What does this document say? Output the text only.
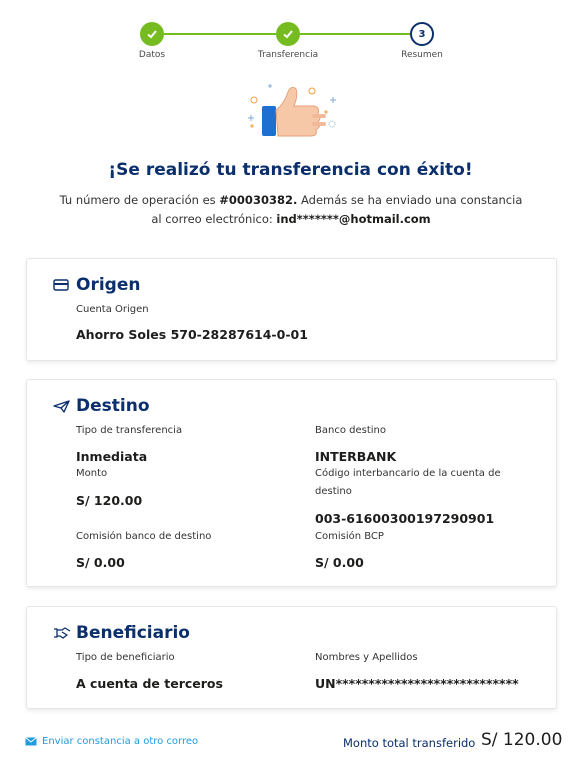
Datos	Transferencia
3
Resumen
¡Se realizó tu transferencia con éxito!
Tu número de operación es #00030382. Además se ha enviado una constancia al correo electrónico: ind*******@hotmail.com
Origen
Cuenta Origen
Ahorro Soles 570-28287614-0-01
Destino
Tipo de transferencia
Inmediata
Monto
S/ 120.00
Comisión banco de destino
S/ 0.00
Banco destino
INTERBANK
Código interbancario de la cuenta de destino
003-61600300197290901
Comisión BCP
S/ 0.00
Beneficiario
Tipo de beneficiario
A cuenta de terceros
Nombres y Apellidos
UN****************************
Enviar constancia a otro correo	Monto total transferido S/ 120.00
